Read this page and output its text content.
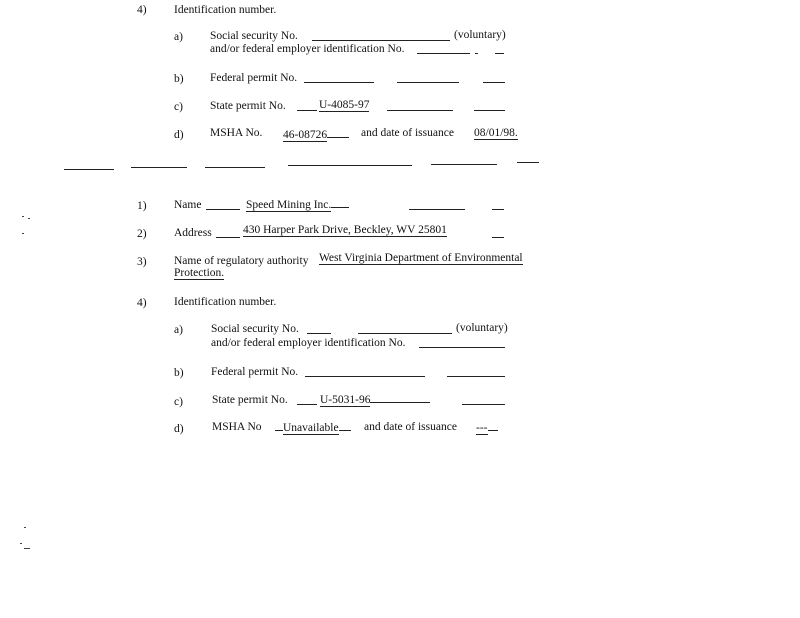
4) Identification number.
a) Social security No.	(voluntary)
and/or federal employer identification No.
b) Federal permit No.
c) State permit No.	U-4085-97
d) MSHA No. 46-08726	and date of issuance 08/01/98.
1) Name	Speed Mining Inc.
2) Address	430 Harper Park Drive, Beckley, WV 25801
3) Name of regulatory authority West Virginia Department of Environmental
Protection.
4) Identification number.
a) Social security No.	(voluntary)
and/or federal employer identification No.
b) Federal permit No.
c)	State permit No.	U-5031-96
d) MSHA No	Unavailable	and date of issuance ---
